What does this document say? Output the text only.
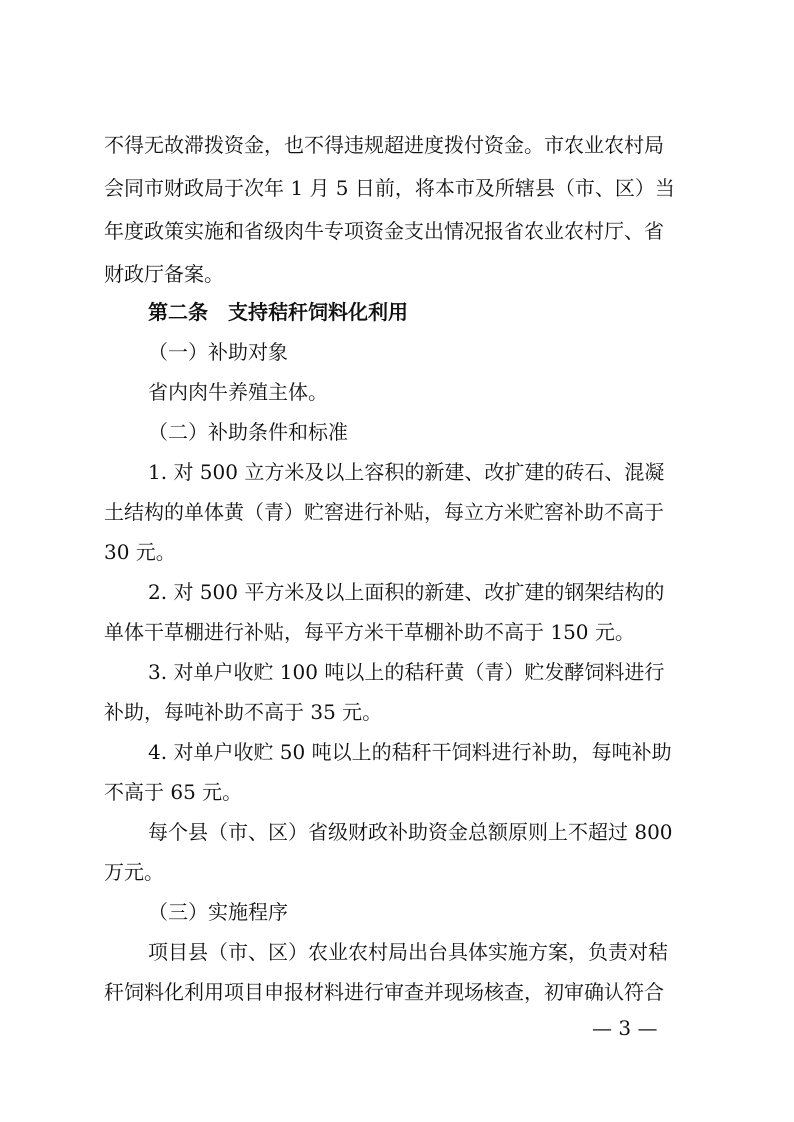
不得无故滞拨资金，也不得违规超进度拨付资金。市农业农村局
会同市财政局于次年 1 月 5 日前，将本市及所辖县（市、区）当
年度政策实施和省级肉牛专项资金支出情况报省农业农村厅、省
财政厅备案。
第二条　支持秸秆饲料化利用
（一）补助对象
省内肉牛养殖主体。
（二）补助条件和标准
1. 对 500 立方米及以上容积的新建、改扩建的砖石、混凝
土结构的单体黄（青）贮窖进行补贴，每立方米贮窖补助不高于
30 元。
2. 对 500 平方米及以上面积的新建、改扩建的钢架结构的
单体干草棚进行补贴，每平方米干草棚补助不高于 150 元。
3. 对单户收贮 100 吨以上的秸秆黄（青）贮发酵饲料进行
补助，每吨补助不高于 35 元。
4. 对单户收贮 50 吨以上的秸秆干饲料进行补助，每吨补助
不高于 65 元。
每个县（市、区）省级财政补助资金总额原则上不超过 800
万元。
（三）实施程序
项目县（市、区）农业农村局出台具体实施方案，负责对秸
秆饲料化利用项目申报材料进行审查并现场核查，初审确认符合
— 3 —
